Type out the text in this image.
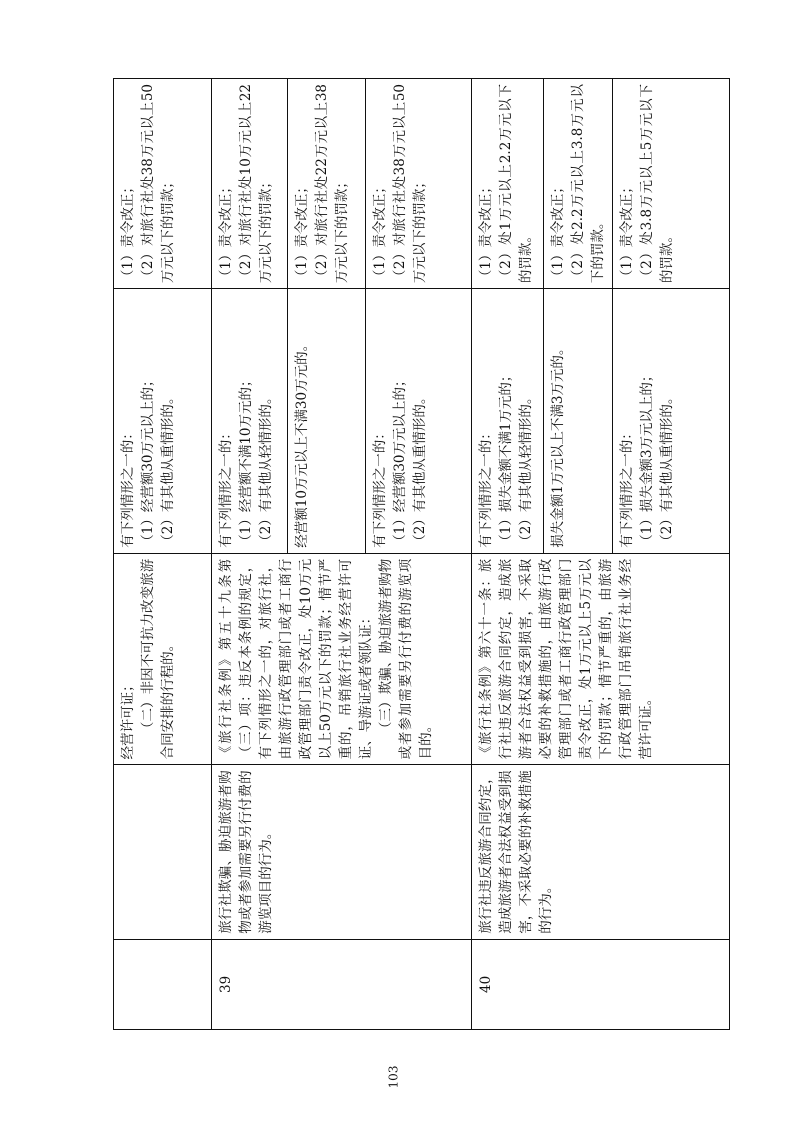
		经营许可证； （二）非因不可抗力改变旅游合同安排的行程的。	有下列情形之一的： （1）经营额30万元以上的； （2）有其他从重情形的。	（1）责令改正； （2）对旅行社处38万元以上50万元以下的罚款；

39	旅行社欺骗、胁迫旅游者购物或者参加需要另行付费的游览项目的行为。	《旅行社条例》第五十九条第（三）项：违反本条例的规定，有下列情形之一的，对旅行社，由旅游行政管理部门或者工商行政管理部门责令改正，处10万元以上50万元以下的罚款；情节严重的，吊销旅行社业务经营许可证、导游证或者领队证： （三）欺骗、胁迫旅游者购物或者参加需要另行付费的游览项目的。	有下列情形之一的： （1）经营额不满10万元的； （2）有其他从轻情形的。	（1）责令改正； （2）对旅行社处10万元以上22万元以下的罚款；

			经营额10万元以上不满30万元的。	（1）责令改正； （2）对旅行社处22万元以上38万元以下的罚款；

			有下列情形之一的： （1）经营额30万元以上的； （2）有其他从重情形的。	（1）责令改正； （2）对旅行社处38万元以上50万元以下的罚款；

40	旅行社违反旅游合同约定，造成旅游者合法权益受到损害，不采取必要的补救措施的行为。	《旅行社条例》第六十一条：旅行社违反旅游合同约定，造成旅游者合法权益受到损害，不采取必要的补救措施的，由旅游行政管理部门或者工商行政管理部门责令改正，处1万元以上5万元以下的罚款；情节严重的，由旅游行政管理部门吊销旅行社业务经营许可证。	有下列情形之一的： （1）损失金额不满1万元的； （2）有其他从轻情形的。	（1）责令改正； （2）处1万元以上2.2万元以下的罚款。

			损失金额1万元以上不满3万元的。	（1）责令改正； （2）处2.2万元以上3.8万元以下的罚款。

			有下列情形之一的： （1）损失金额3万元以上的； （2）有其他从重情形的。	（1）责令改正； （2）处3.8万元以上5万元以下的罚款。
103
